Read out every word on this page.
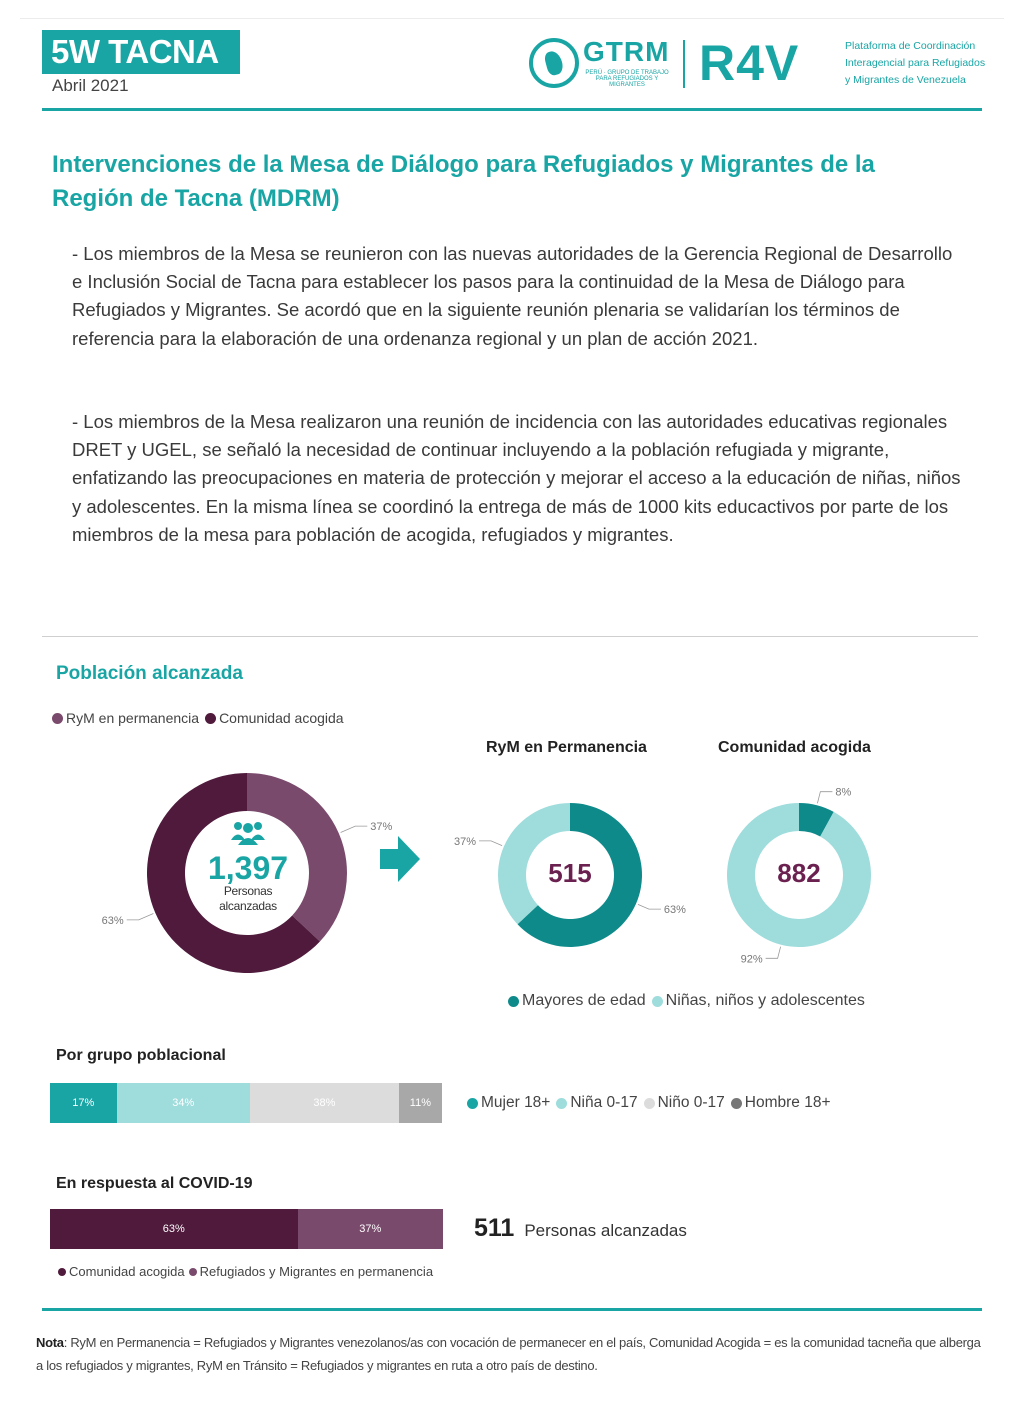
5W TACNA
Abril 2021
GTRM
PERÚ · GRUPO DE TRABAJO PARA REFUGIADOS Y MIGRANTES	R4V	Plataforma de Coordinación Interagencial para Refugiados y Migrantes de Venezuela
Intervenciones de la Mesa de Diálogo para Refugiados y Migrantes de la Región de Tacna (MDRM)
- Los miembros de la Mesa se reunieron con las nuevas autoridades de la Gerencia Regional de Desarrollo e Inclusión Social de Tacna para establecer los pasos para la continuidad de la Mesa de Diálogo para Refugiados y Migrantes. Se acordó que en la siguiente reunión plenaria se validarían los términos de referencia para la elaboración de una ordenanza regional y un plan de acción 2021.
- Los miembros de la Mesa realizaron una reunión de incidencia con las autoridades educativas regionales DRET y UGEL, se señaló la necesidad de continuar incluyendo a la población refugiada y migrante, enfatizando las preocupaciones en materia de protección y mejorar el acceso a la educación de niñas, niños y adolescentes. En la misma línea se coordinó la entrega de más de 1000 kits educactivos por parte de los miembros de la mesa para población de acogida, refugiados y migrantes.
Población alcanzada
RyM en permanencia Comunidad acogida
RyM en Permanencia	Comunidad acogida
37%
63%
63%
37%
8%
92%
1,397
Personas alcanzadas
515	882
Mayores de edad Niñas, niños y adolescentes
Por grupo poblacional
17%	34%	38%	11%	Mujer 18+ Niña 0-17 Niño 0-17 Hombre 18+
En respuesta al COVID-19
63%	37%	511 Personas alcanzadas
Comunidad acogida Refugiados y Migrantes en permanencia
Nota: RyM en Permanencia = Refugiados y Migrantes venezolanos/as con vocación de permanecer en el país, Comunidad Acogida = es la comunidad tacneña que alberga a los refugiados y migrantes, RyM en Tránsito = Refugiados y migrantes en ruta a otro país de destino.
